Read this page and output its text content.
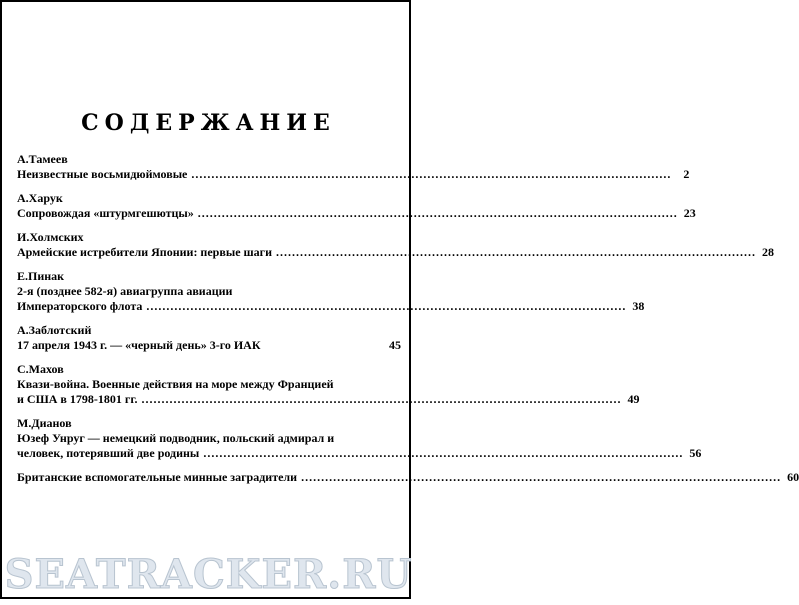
СОДЕРЖАНИЕ
А.Тамеев
Неизвестные восьмидюймовые ........................................................................................................................	2
А.Харук
Сопровождая «штурмгешютцы» ........................................................................................................................ 23
И.Холмских
Армейские истребители Японии: первые шаги ........................................................................................................................ 28
Е.Пинак
2-я (позднее 582-я) авиагруппа авиации
Императорского флота ........................................................................................................................ 38
А.Заблотский
17 апреля 1943 г. — «черный день» 3-го ИАК	45
С.Махов
Квази-война. Военные действия на море между Францией
и США в 1798-1801 гг. ........................................................................................................................ 49
М.Дианов
Юзеф Унруг — немецкий подводник, польский адмирал и
человек, потерявший две родины ........................................................................................................................ 56
Британские вспомогательные минные заградители ........................................................................................................................ 60
SEATRACKER.RU
